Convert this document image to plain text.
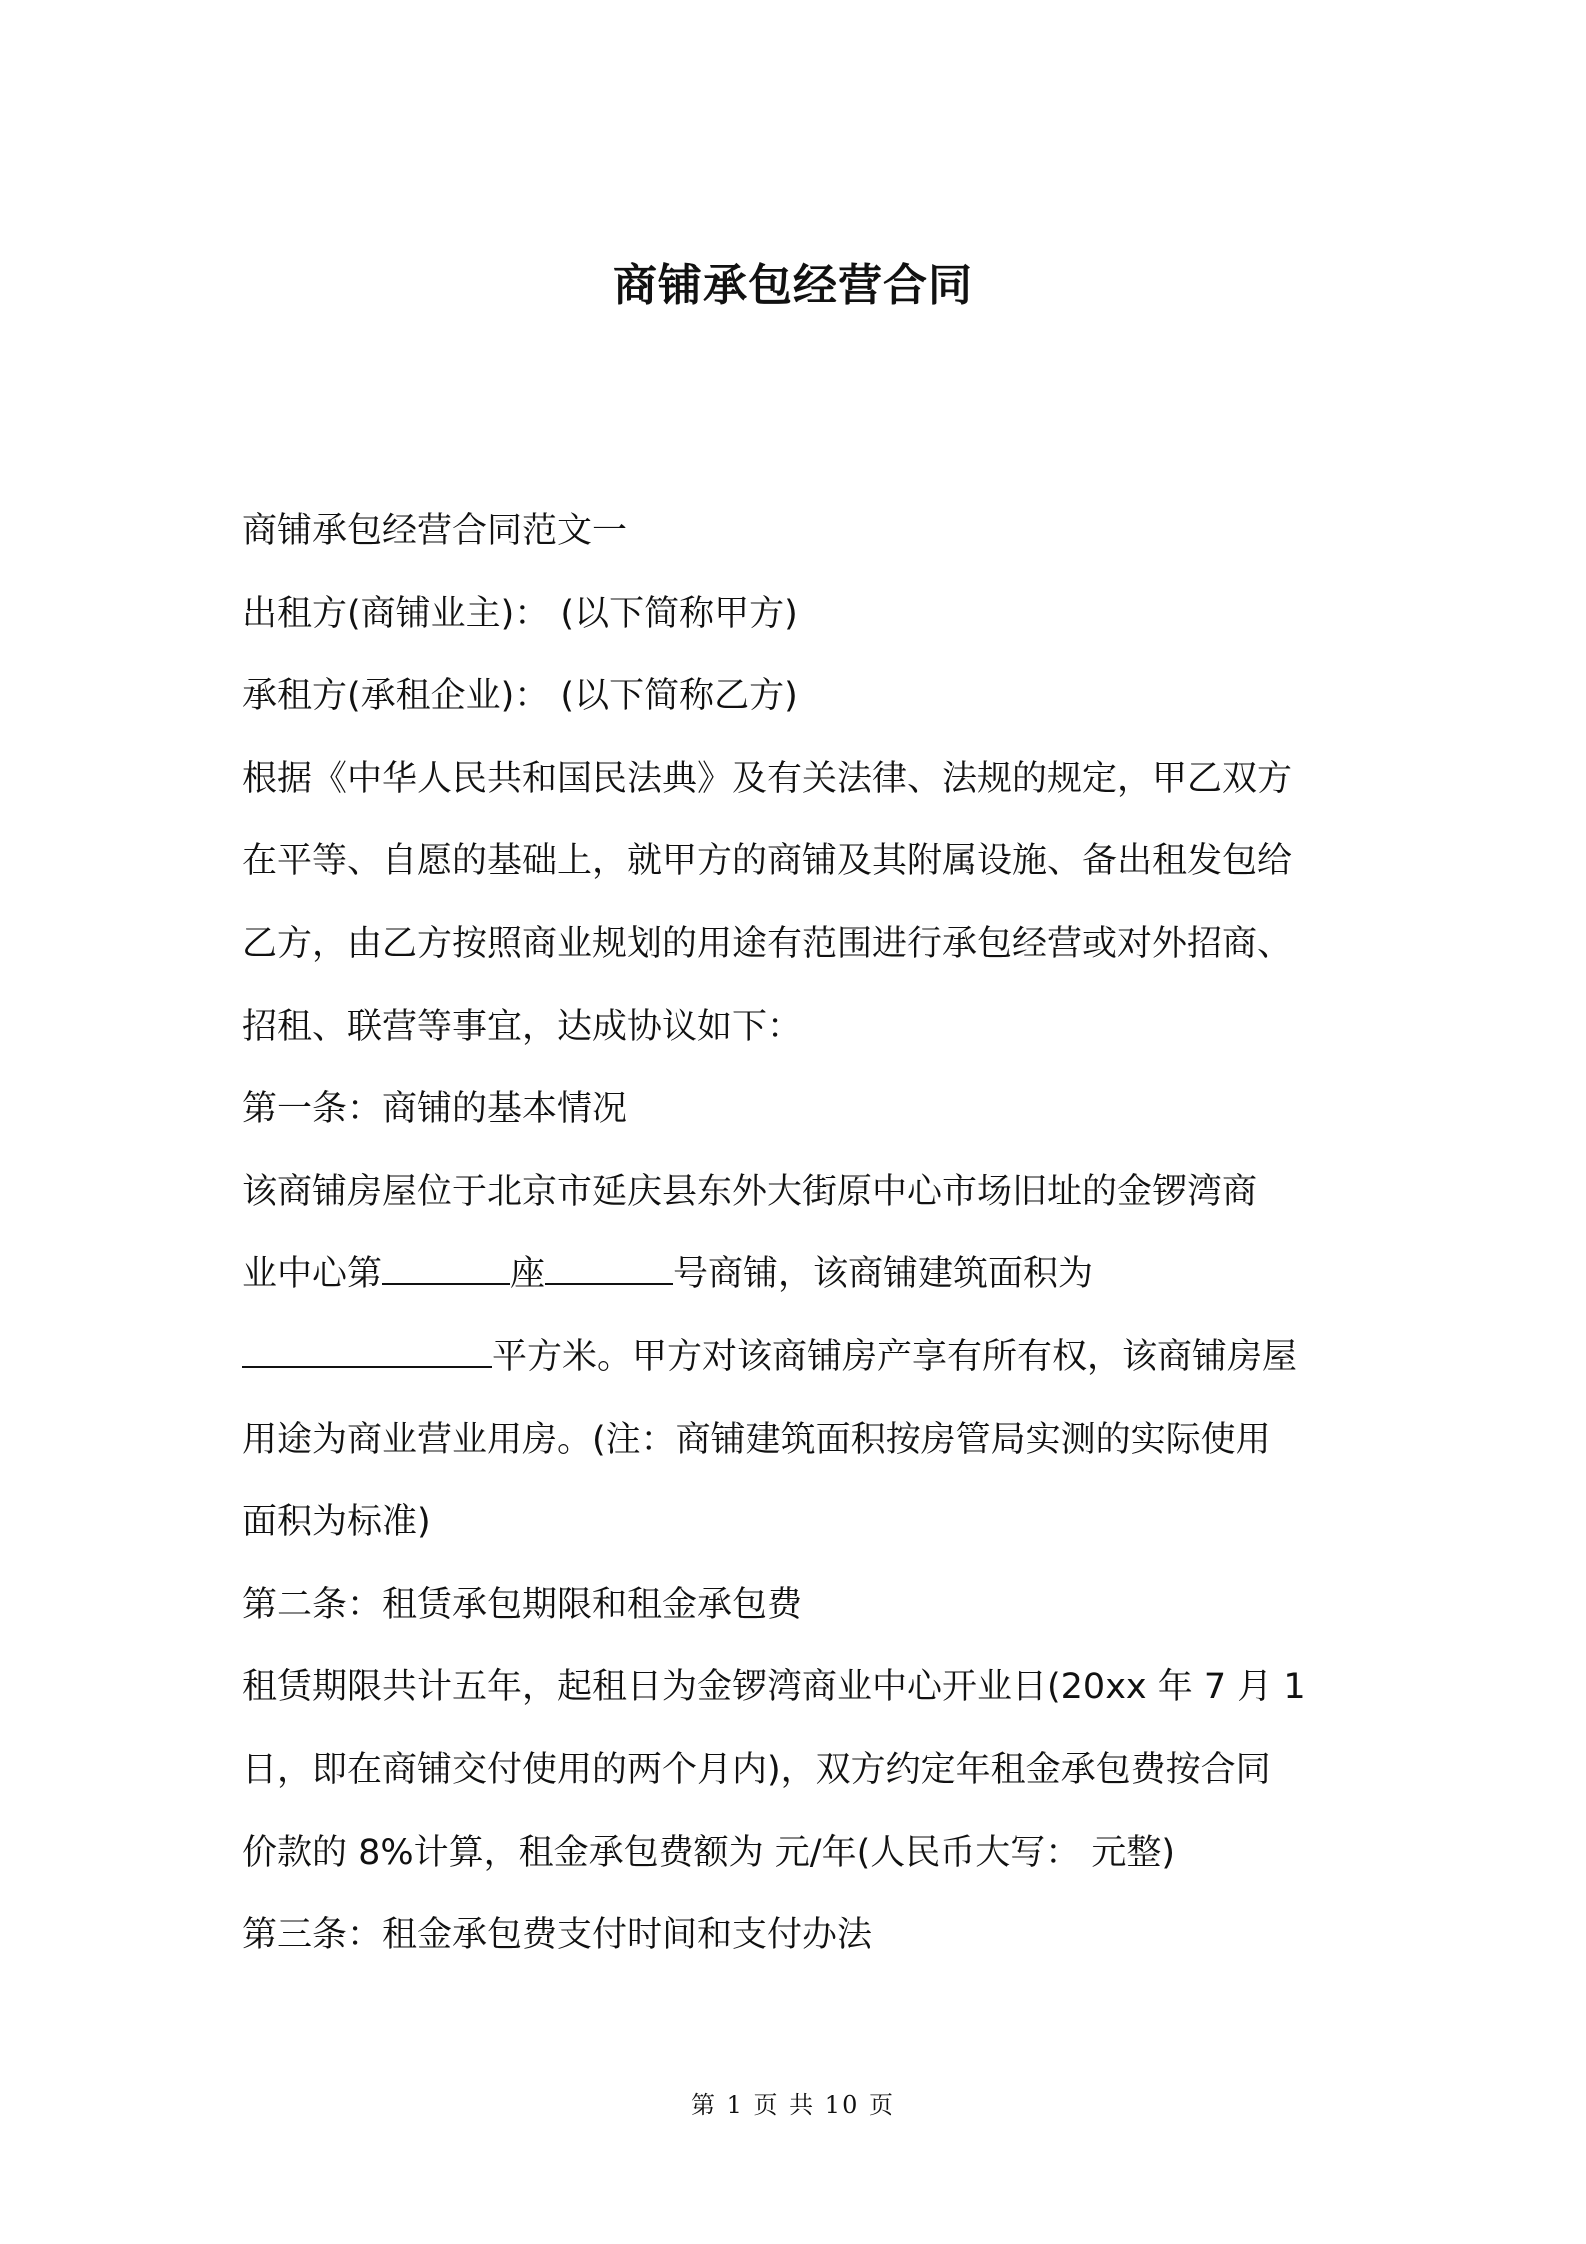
商铺承包经营合同
商铺承包经营合同范文一
出租方(商铺业主)： (以下简称甲方)
承租方(承租企业)： (以下简称乙方)
根据《中华人民共和国民法典》及有关法律、法规的规定，甲乙双方
在平等、自愿的基础上，就甲方的商铺及其附属设施、备出租发包给
乙方，由乙方按照商业规划的用途有范围进行承包经营或对外招商、
招租、联营等事宜，达成协议如下：
第一条：商铺的基本情况
该商铺房屋位于北京市延庆县东外大街原中心市场旧址的金锣湾商
业中心第	座	号商铺，该商铺建筑面积为
平方米。甲方对该商铺房产享有所有权，该商铺房屋
用途为商业营业用房。(注：商铺建筑面积按房管局实测的实际使用
面积为标准)
第二条：租赁承包期限和租金承包费
租赁期限共计五年，起租日为金锣湾商业中心开业日(20xx 年 7 月 1
日，即在商铺交付使用的两个月内)，双方约定年租金承包费按合同
价款的 8%计算，租金承包费额为 元/年(人民币大写： 元整)
第三条：租金承包费支付时间和支付办法
第 1 页 共 10 页
